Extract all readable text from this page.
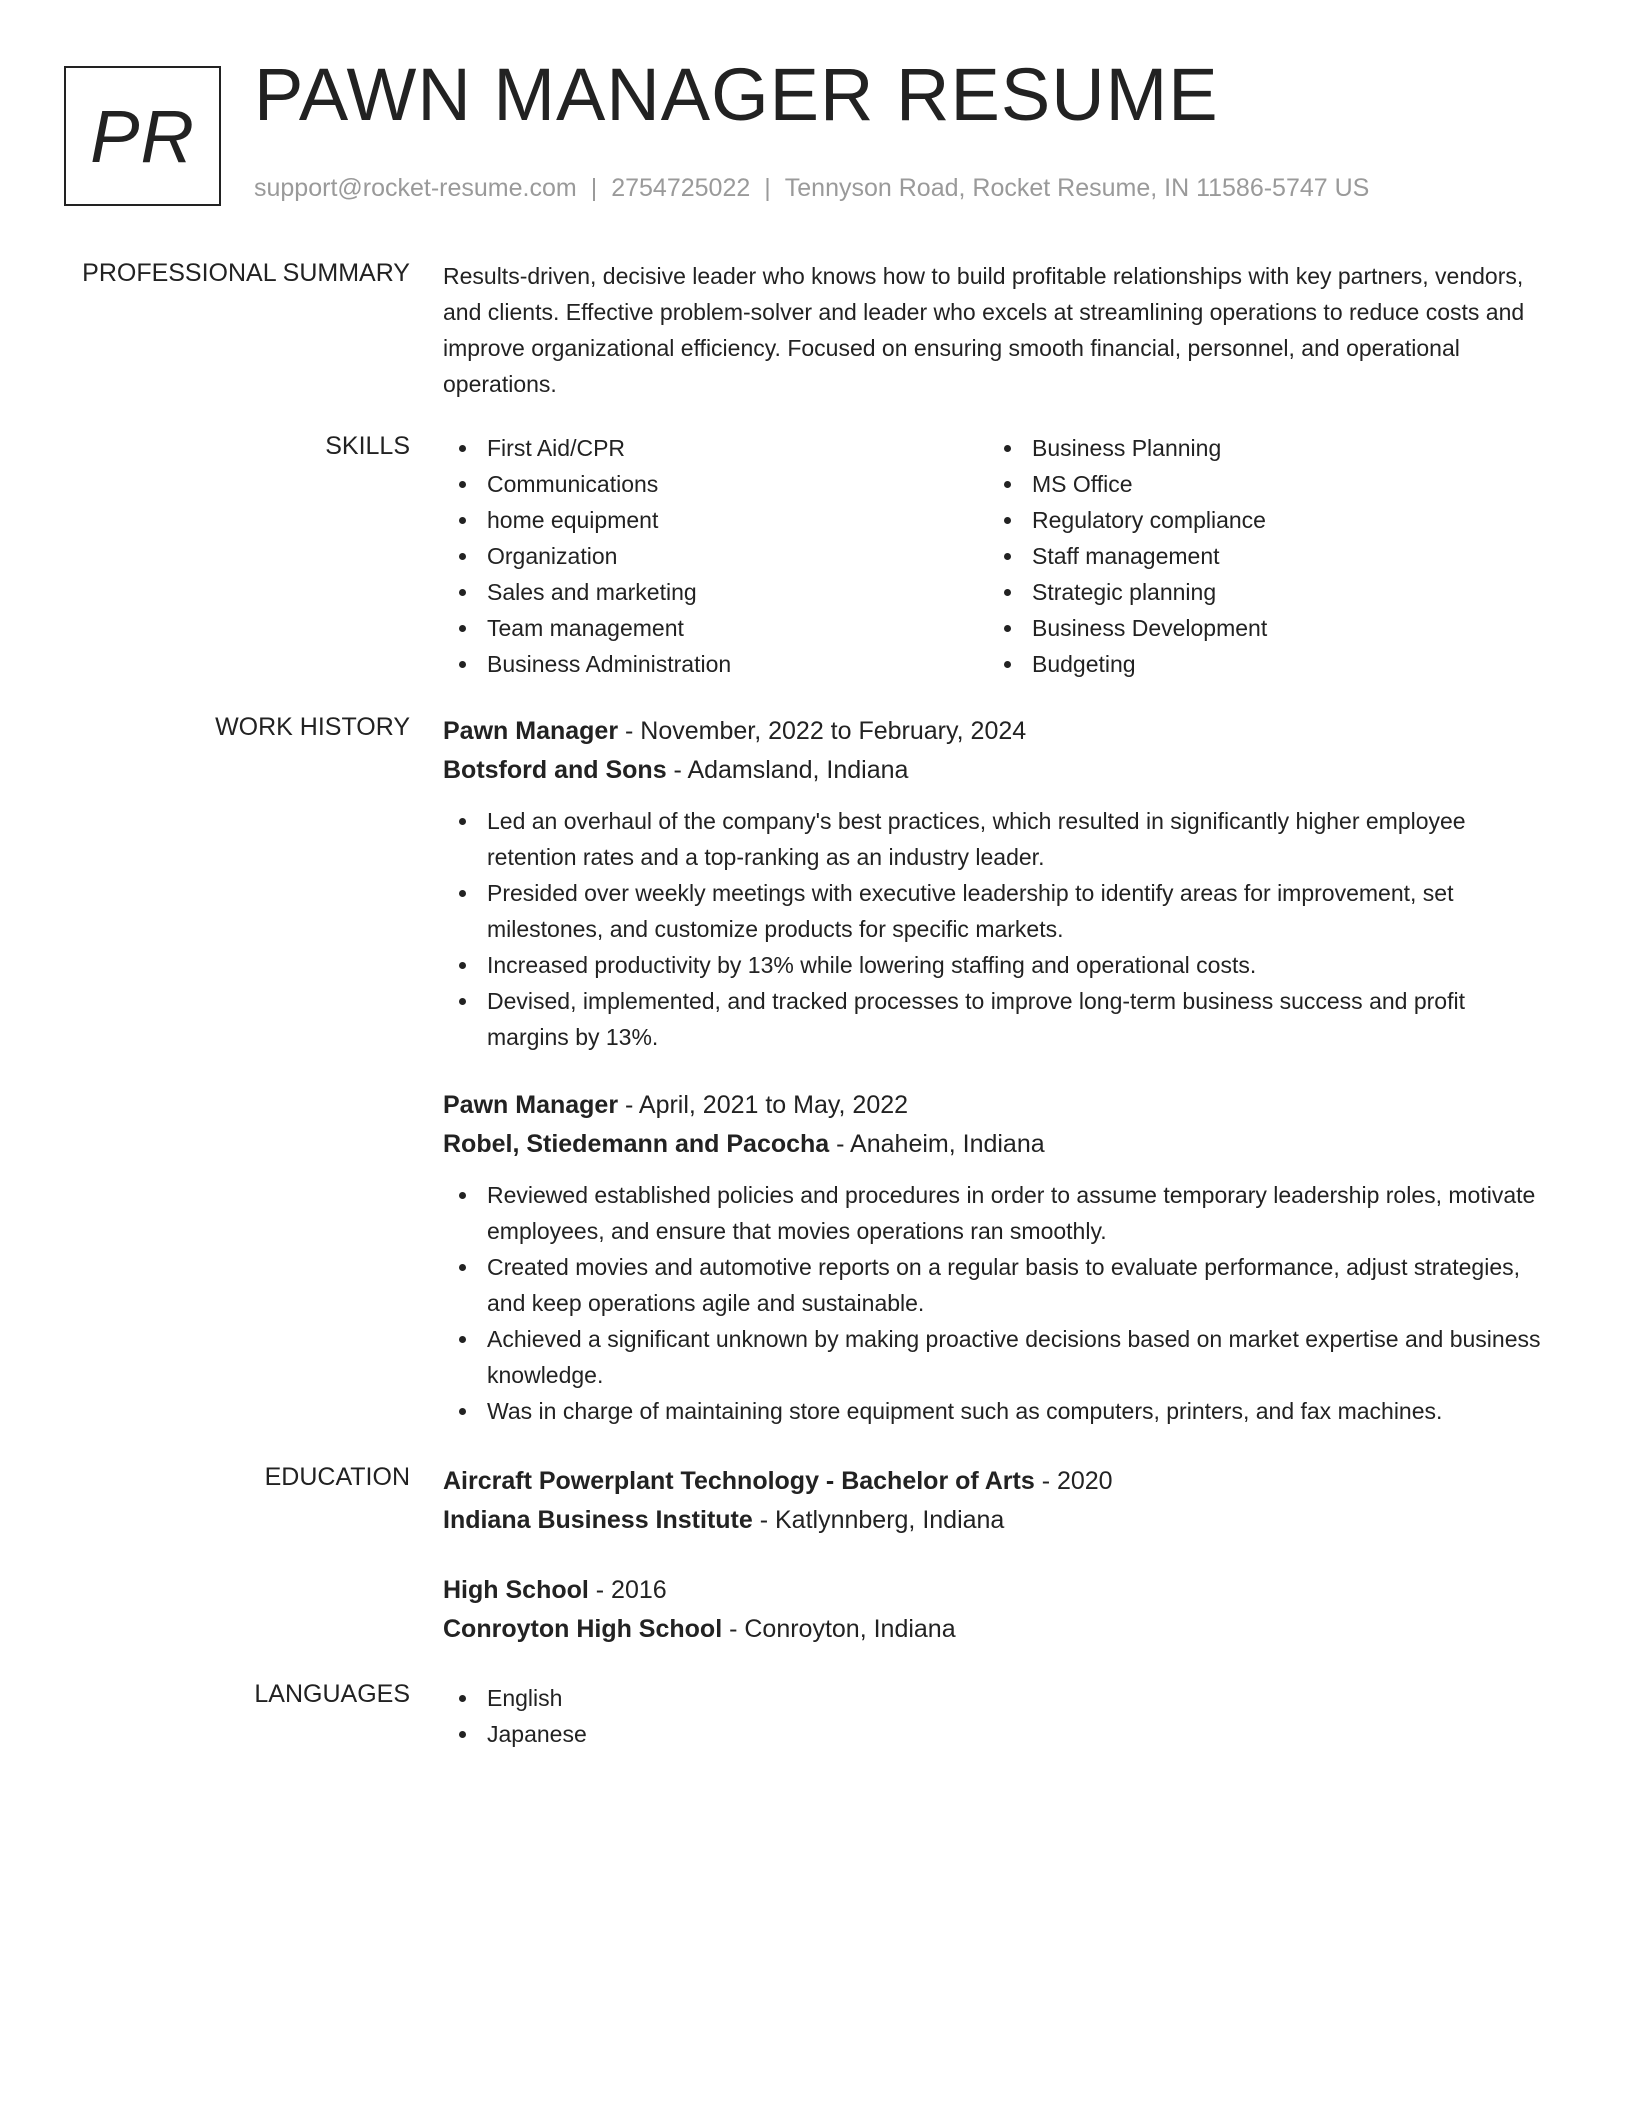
PR PAWN MANAGER RESUME
support@rocket-resume.com | 2754725022 | Tennyson Road, Rocket Resume, IN 11586-5747 US
PROFESSIONAL SUMMARY Results-driven, decisive leader who knows how to build profitable relationships with key partners, vendors, and clients. Effective problem-solver and leader who excels at streamlining operations to reduce costs and improve organizational efficiency. Focused on ensuring smooth financial, personnel, and operational operations.

SKILLS	First Aid/CPR
Communications
home equipment
Organization
Sales and marketing
Team management
Business Administration
Business Planning
MS Office
Regulatory compliance
Staff management
Strategic planning
Business Development
Budgeting
WORK HISTORY Pawn Manager - November, 2022 to February, 2024
Botsford and Sons - Adamsland, Indiana
Led an overhaul of the company's best practices, which resulted in significantly higher employee retention rates and a top-ranking as an industry leader.
Presided over weekly meetings with executive leadership to identify areas for improvement, set milestones, and customize products for specific markets.
Increased productivity by 13% while lowering staffing and operational costs.
Devised, implemented, and tracked processes to improve long-term business success and profit margins by 13%.
Pawn Manager - April, 2021 to May, 2022
Robel, Stiedemann and Pacocha - Anaheim, Indiana
Reviewed established policies and procedures in order to assume temporary leadership roles, motivate employees, and ensure that movies operations ran smoothly.
Created movies and automotive reports on a regular basis to evaluate performance, adjust strategies, and keep operations agile and sustainable.
Achieved a significant unknown by making proactive decisions based on market expertise and business knowledge.
Was in charge of maintaining store equipment such as computers, printers, and fax machines.
EDUCATION Aircraft Powerplant Technology - Bachelor of Arts - 2020
Indiana Business Institute - Katlynnberg, Indiana
High School - 2016
Conroyton High School - Conroyton, Indiana
LANGUAGES	English
Japanese
